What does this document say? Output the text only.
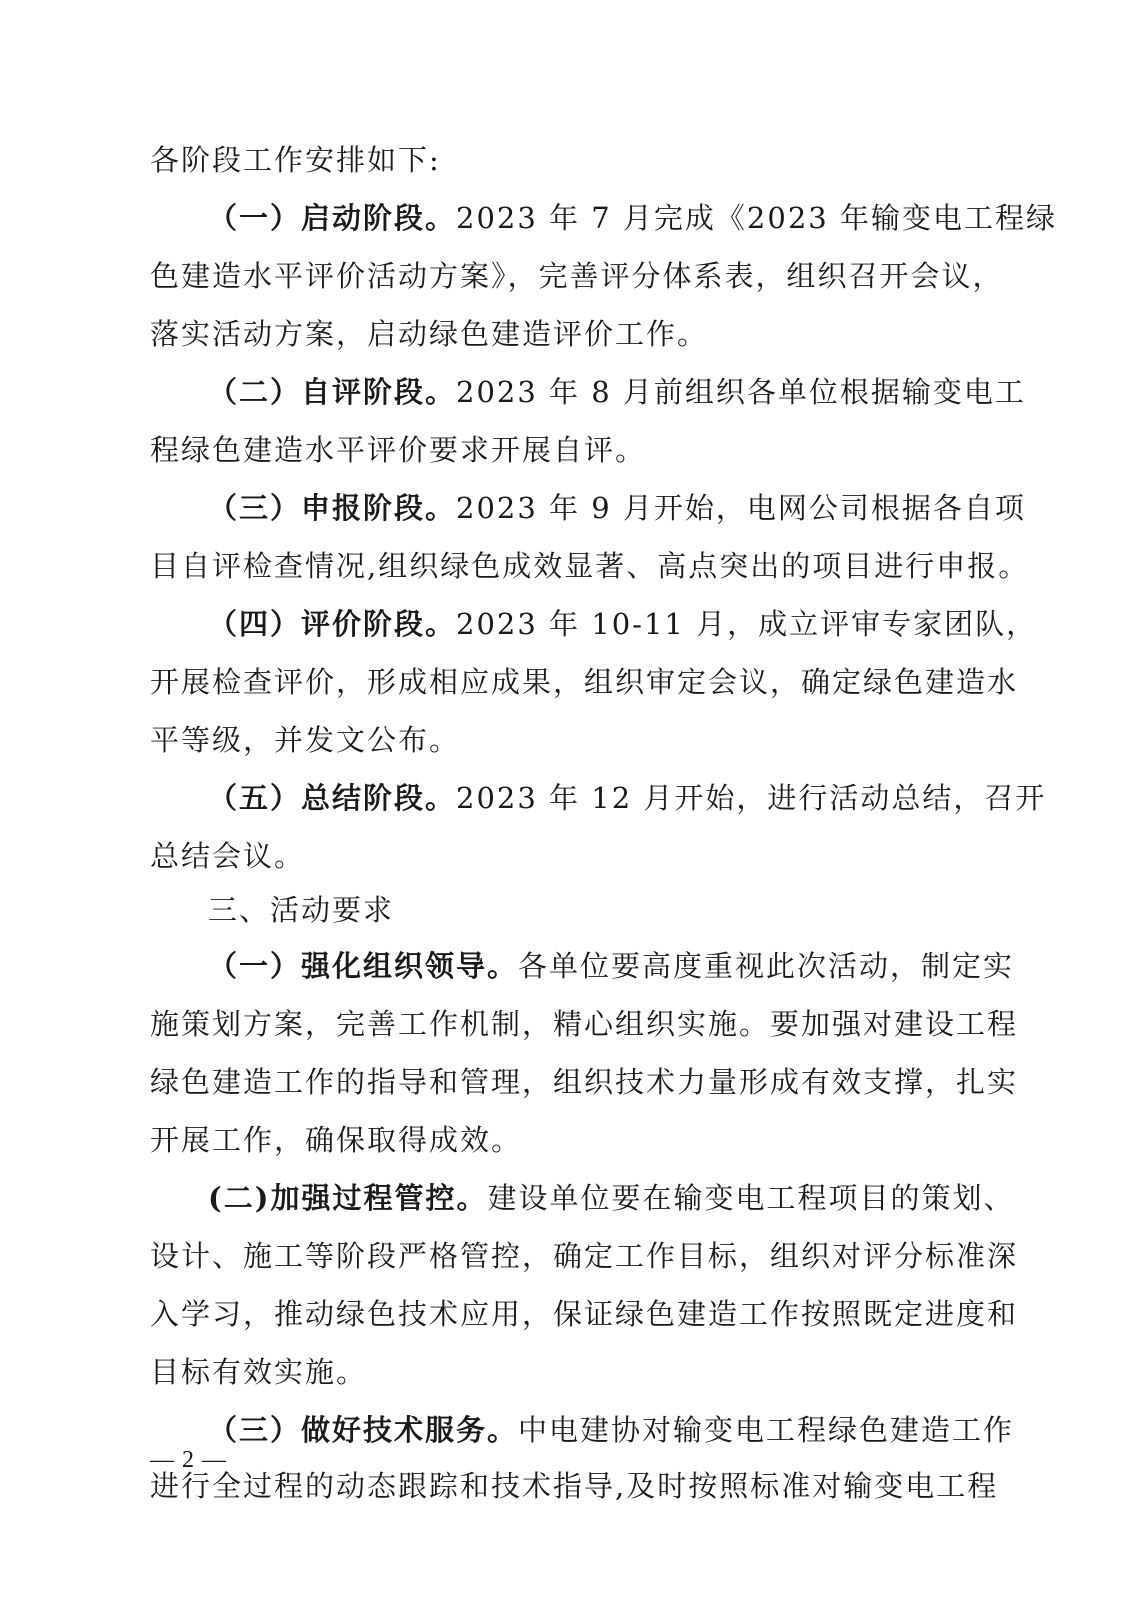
各阶段工作安排如下:
（一）启动阶段。2023 年 7 月完成《2023 年输变电工程绿
色建造水平评价活动方案》，完善评分体系表，组织召开会议，
落实活动方案，启动绿色建造评价工作。
（二）自评阶段。2023 年 8 月前组织各单位根据输变电工
程绿色建造水平评价要求开展自评。
（三）申报阶段。2023 年 9 月开始，电网公司根据各自项
目自评检查情况,组织绿色成效显著、高点突出的项目进行申报。
（四）评价阶段。2023 年 10-11 月，成立评审专家团队，
开展检查评价，形成相应成果，组织审定会议，确定绿色建造水
平等级，并发文公布。
（五）总结阶段。2023 年 12 月开始，进行活动总结，召开
总结会议。
三、活动要求
（一）强化组织领导。各单位要高度重视此次活动，制定实
施策划方案，完善工作机制，精心组织实施。要加强对建设工程
绿色建造工作的指导和管理，组织技术力量形成有效支撑，扎实
开展工作，确保取得成效。
(二)加强过程管控。建设单位要在输变电工程项目的策划、
设计、施工等阶段严格管控，确定工作目标，组织对评分标准深
入学习，推动绿色技术应用，保证绿色建造工作按照既定进度和
目标有效实施。
（三）做好技术服务。中电建协对输变电工程绿色建造工作
进行全过程的动态跟踪和技术指导,及时按照标准对输变电工程
— 2 —
